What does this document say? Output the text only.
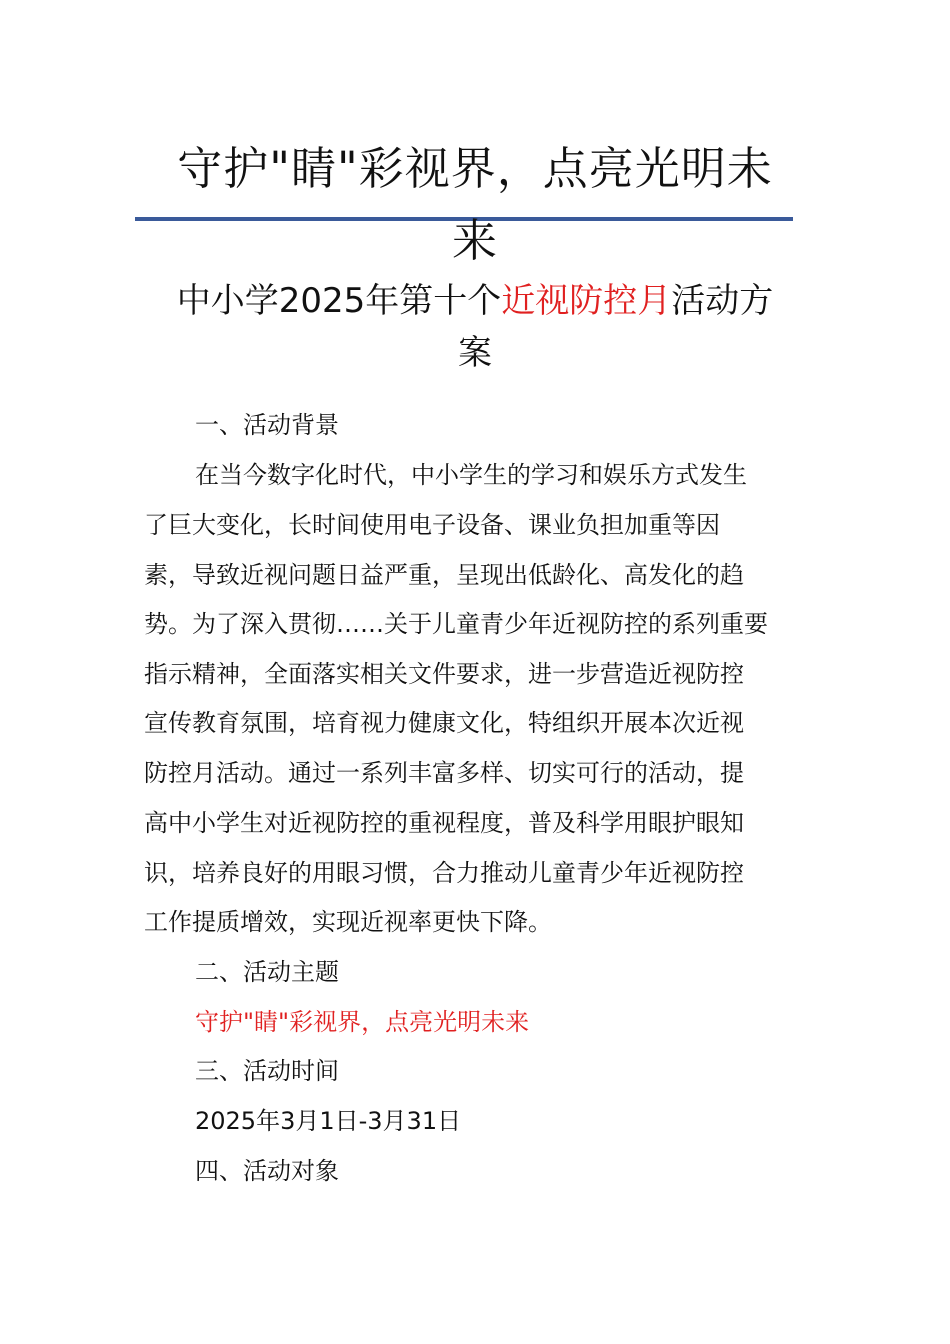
守护"睛"彩视界，点亮光明未
来
中小学2025年第十个近视防控月活动方
案

一、活动背景

在当今数字化时代，中小学生的学习和娱乐方式发生

了巨大变化，长时间使用电子设备、课业负担加重等因

素，导致近视问题日益严重，呈现出低龄化、高发化的趋

势。为了深入贯彻……关于儿童青少年近视防控的系列重要

指示精神，全面落实相关文件要求，进一步营造近视防控

宣传教育氛围，培育视力健康文化，特组织开展本次近视

防控月活动。通过一系列丰富多样、切实可行的活动，提

高中小学生对近视防控的重视程度，普及科学用眼护眼知

识，培养良好的用眼习惯，合力推动儿童青少年近视防控

工作提质增效，实现近视率更快下降。

二、活动主题

守护"睛"彩视界，点亮光明未来

三、活动时间

2025年3月1日-3月31日

四、活动对象
